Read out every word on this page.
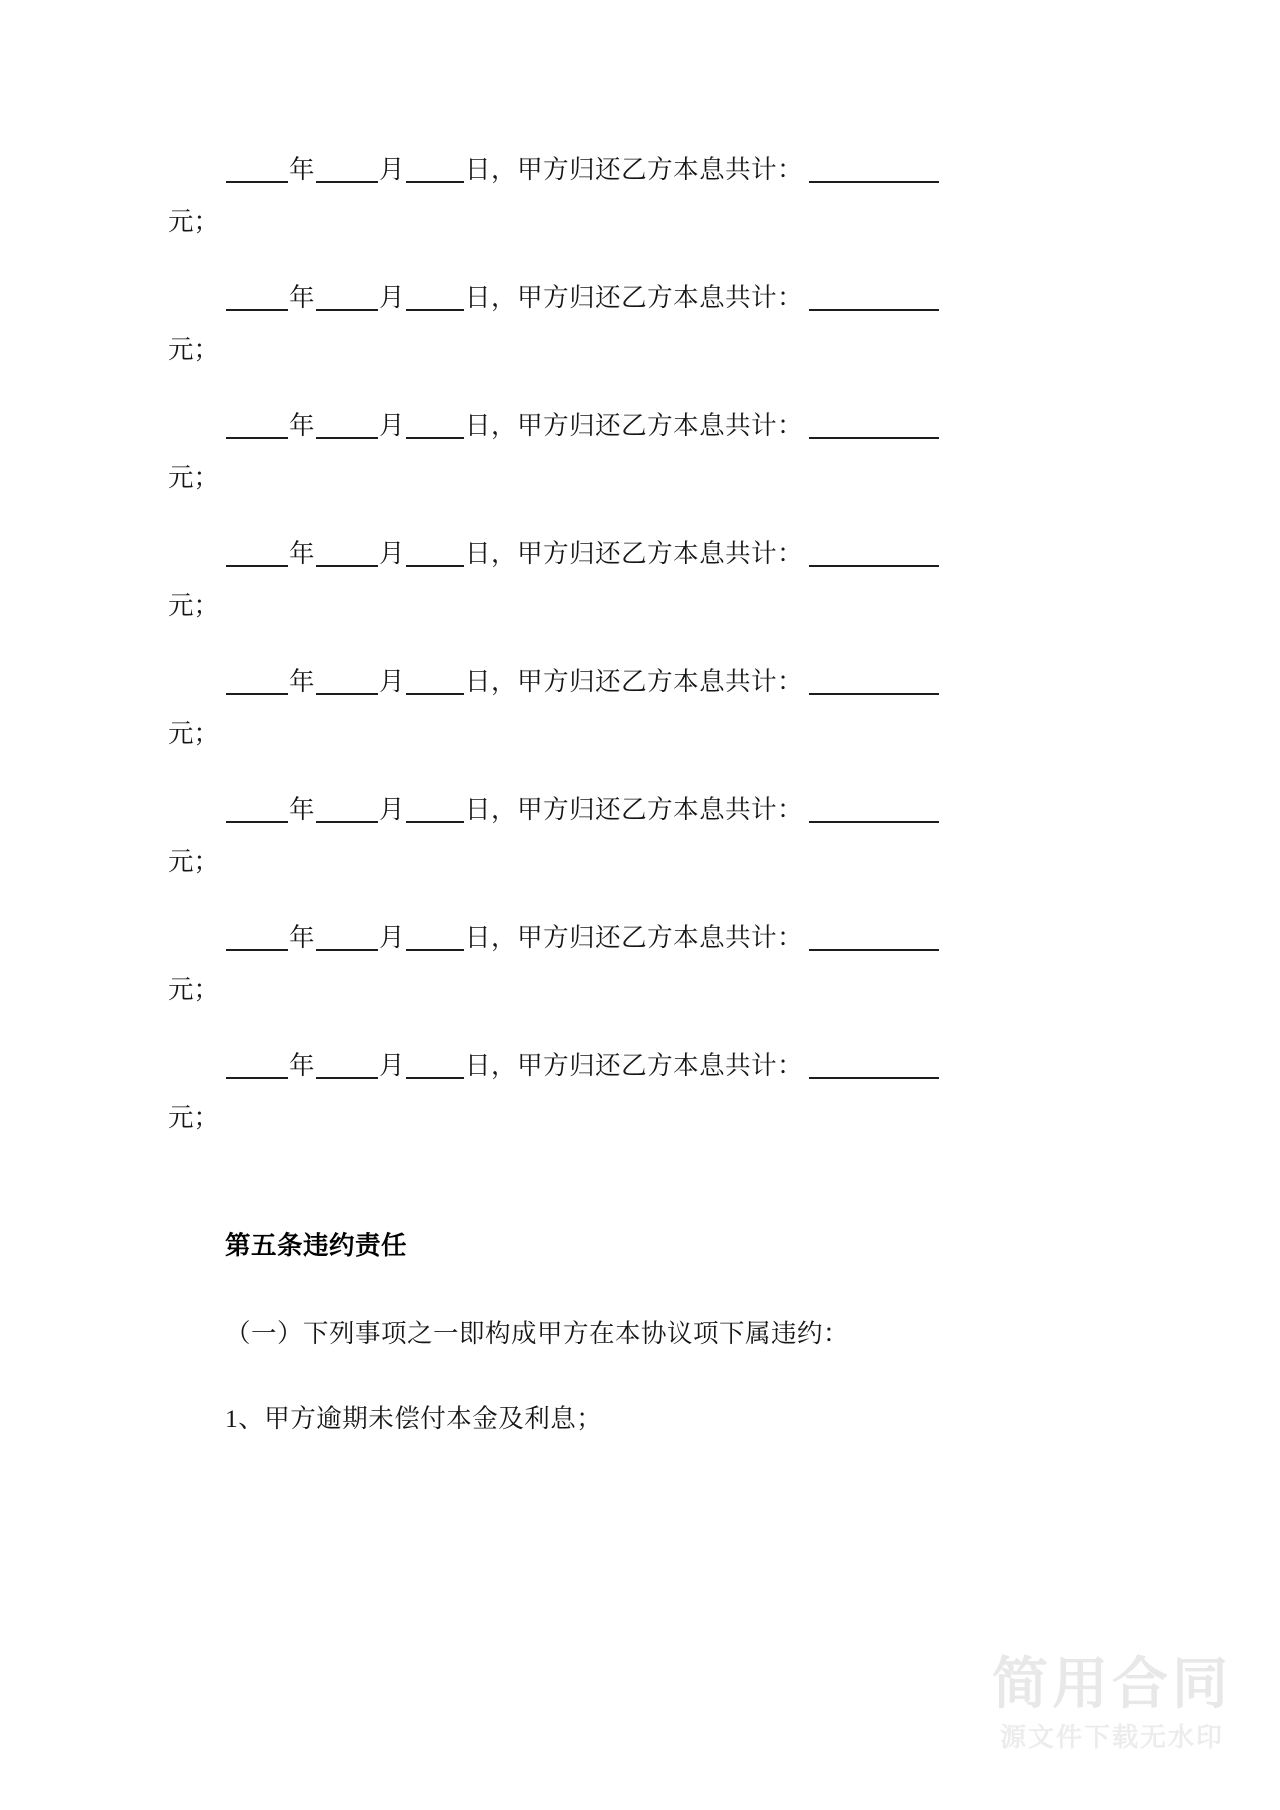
年	月 日，甲方归还乙方本息共计：
元；
年	月 日，甲方归还乙方本息共计：
元；
年	月 日，甲方归还乙方本息共计：
元；
年	月 日，甲方归还乙方本息共计：
元；
年	月 日，甲方归还乙方本息共计：
元；
年	月 日，甲方归还乙方本息共计：
元；
年	月 日，甲方归还乙方本息共计：
元；
年	月 日，甲方归还乙方本息共计：
元；
第五条违约责任
（一）下列事项之一即构成甲方在本协议项下属违约：
1、甲方逾期未偿付本金及利息；
简用合同
源文件下载无水印
